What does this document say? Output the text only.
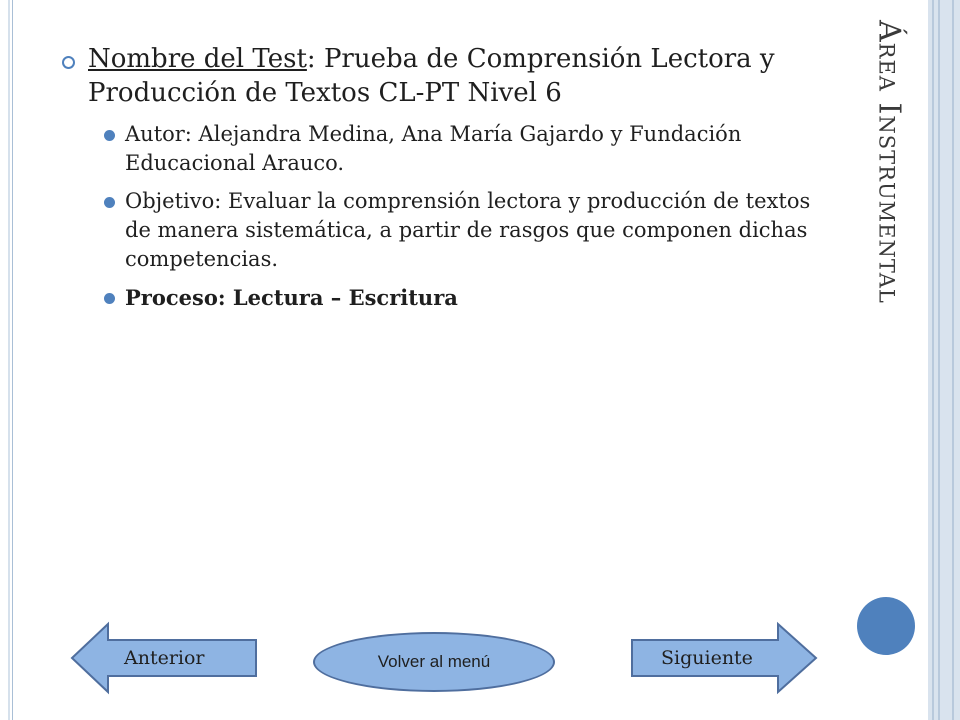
Área Instrumental
Nombre del Test: Prueba de Comprensión Lectora y Producción de Textos CL-PT Nivel 6
Autor: Alejandra Medina, Ana María Gajardo y Fundación Educacional Arauco.
Objetivo: Evaluar la comprensión lectora y producción de textos de manera sistemática, a partir de rasgos que componen dichas competencias.
Proceso: Lectura – Escritura
Anterior	Volver al menú	Siguiente
